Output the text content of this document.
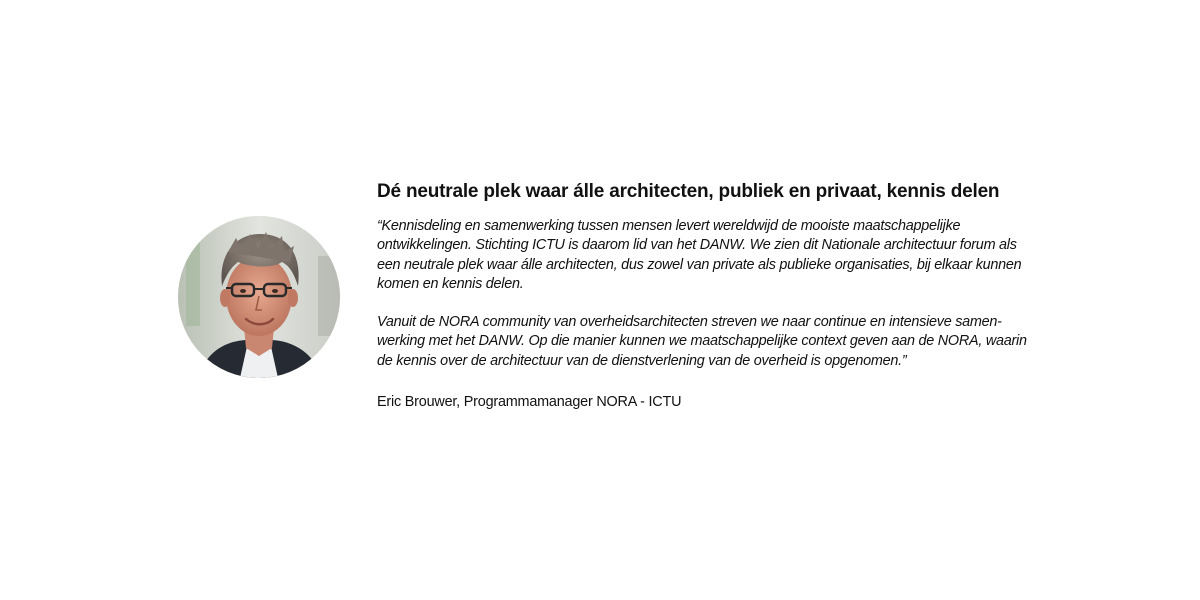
Dé neutrale plek waar álle architecten, publiek en privaat, kennis delen
“Kennisdeling en samenwerking tussen mensen levert wereldwijd de mooiste maatschappelijke
ontwikkelingen. Stichting ICTU is daarom lid van het DANW. We zien dit Nationale architectuur forum als
een neutrale plek waar álle architecten, dus zowel van private als publieke organisaties, bij elkaar kunnen
komen en kennis delen.
Vanuit de NORA community van overheidsarchitecten streven we naar continue en intensieve samen-
werking met het DANW. Op die manier kunnen we maatschappelijke context geven aan de NORA, waarin
de kennis over de architectuur van de dienstverlening van de overheid is opgenomen.”

Eric Brouwer, Programmamanager NORA - ICTU
